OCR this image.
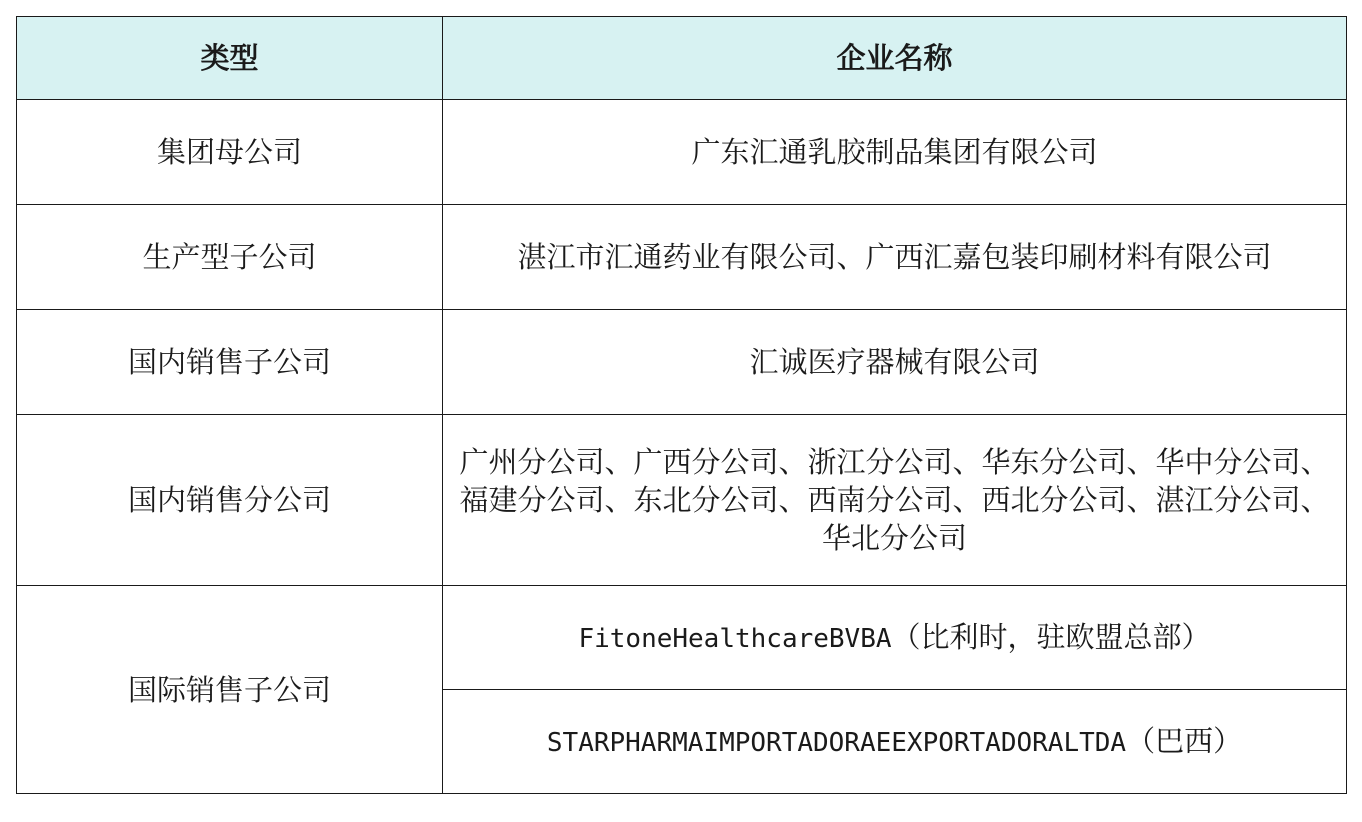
类型	企业名称
集团母公司	广东汇通乳胶制品集团有限公司
生产型子公司	湛江市汇通药业有限公司、广西汇嘉包装印刷材料有限公司
国内销售子公司	汇诚医疗器械有限公司
国内销售分公司	广州分公司、广西分公司、浙江分公司、华东分公司、华中分公司、福建分公司、东北分公司、西南分公司、西北分公司、湛江分公司、华北分公司
国际销售子公司	FitoneHealthcareBVBA（比利时，驻欧盟总部）
	STARPHARMAIMPORTADORAEEXPORTADORALTDA（巴西）
